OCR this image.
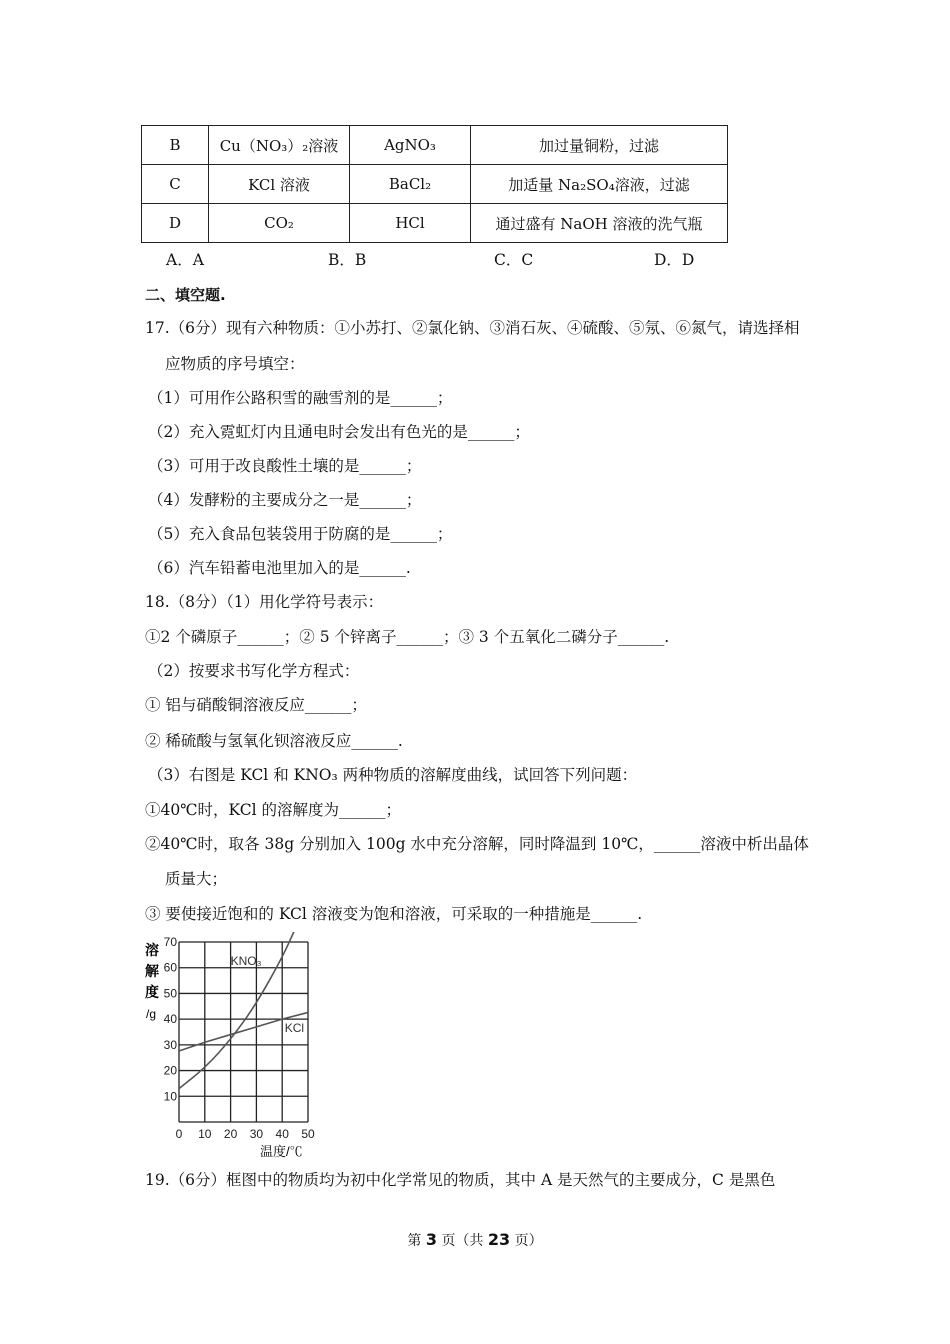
B	Cu（NO₃）₂溶液	AgNO₃	加过量铜粉，过滤
C	KCl 溶液	BaCl₂	加适量 Na₂SO₄溶液，过滤
D	CO₂	HCl	通过盛有 NaOH 溶液的洗气瓶
A．A	B．B	C．C	D．D
二、填空题.
17.（6分）现有六种物质：①小苏打、②氯化钠、③消石灰、④硫酸、⑤氖、⑥氮气，请选择相
应物质的序号填空：
（1）可用作公路积雪的融雪剂的是______；
（2）充入霓虹灯内且通电时会发出有色光的是______；
（3）可用于改良酸性土壤的是______；
（4）发酵粉的主要成分之一是______；
（5）充入食品包装袋用于防腐的是______；
（6）汽车铅蓄电池里加入的是______.
18.（8分）（1）用化学符号表示：
①2 个磷原子______；② 5 个锌离子______；③ 3 个五氧化二磷分子______.
（2）按要求书写化学方程式：
① 铝与硝酸铜溶液反应______；
② 稀硫酸与氢氧化钡溶液反应______.
（3）右图是 KCl 和 KNO₃ 两种物质的溶解度曲线，试回答下列问题：
①40℃时，KCl 的溶解度为______；
②40℃时，取各 38g 分别加入 100g 水中充分溶解，同时降温到 10℃，______溶液中析出晶体
质量大；
③ 要使接近饱和的 KCl 溶液变为饱和溶液，可采取的一种措施是______.
0 10 20 30 40 50
10
20
30
40
50
60
70
KNO₃
KCl
溶
解
度
/g
温度/℃
19.（6分）框图中的物质均为初中化学常见的物质，其中 A 是天然气的主要成分，C 是黑色
第 3 页（共 23 页）
